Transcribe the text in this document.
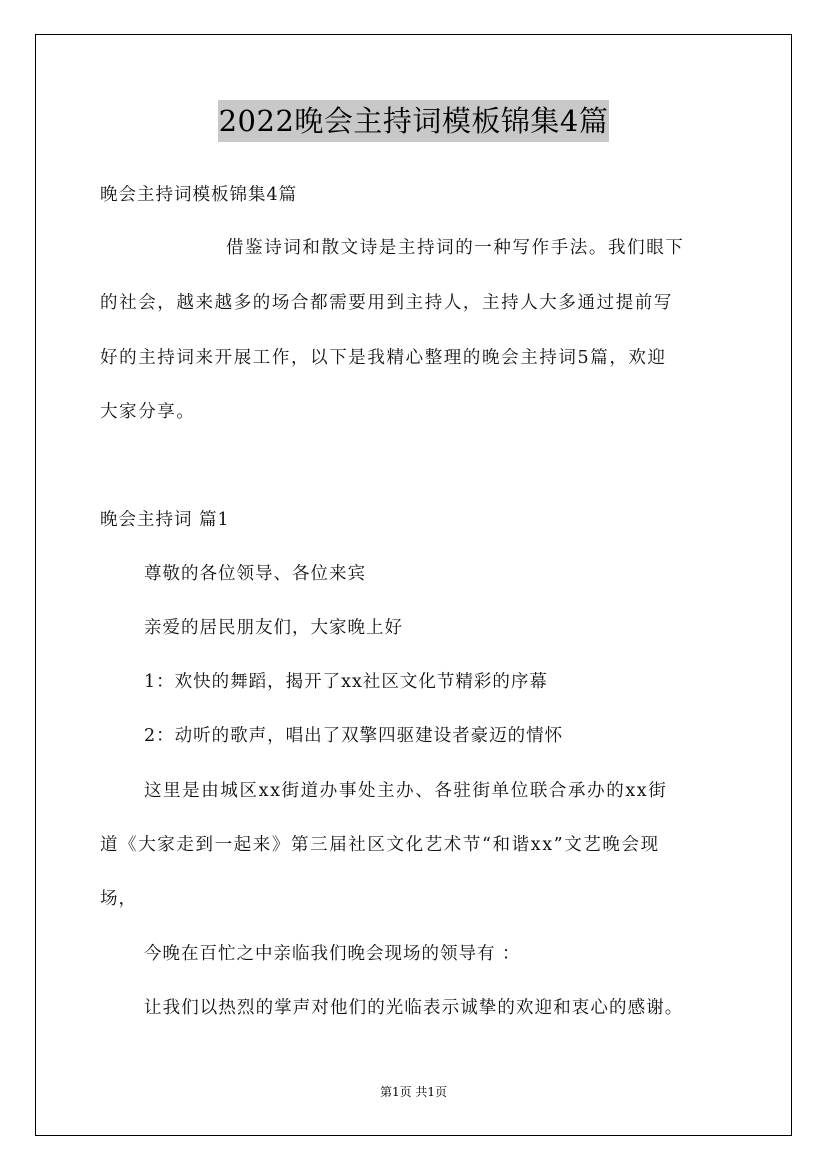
2022晚会主持词模板锦集4篇
晚会主持词模板锦集4篇
借鉴诗词和散文诗是主持词的一种写作手法。我们眼下
的社会，越来越多的场合都需要用到主持人，主持人大多通过提前写
好的主持词来开展工作，以下是我精心整理的晚会主持词5篇，欢迎
大家分享。
晚会主持词 篇1
尊敬的各位领导、各位来宾
亲爱的居民朋友们，大家晚上好
1：欢快的舞蹈，揭开了xx社区文化节精彩的序幕
2：动听的歌声，唱出了双擎四驱建设者豪迈的情怀
这里是由城区xx街道办事处主办、各驻街单位联合承办的xx街
道《大家走到一起来》第三届社区文化艺术节“和谐xx”文艺晚会现
场，
今晚在百忙之中亲临我们晚会现场的领导有 ：
让我们以热烈的掌声对他们的光临表示诚挚的欢迎和衷心的感谢。
第1页 共1页
